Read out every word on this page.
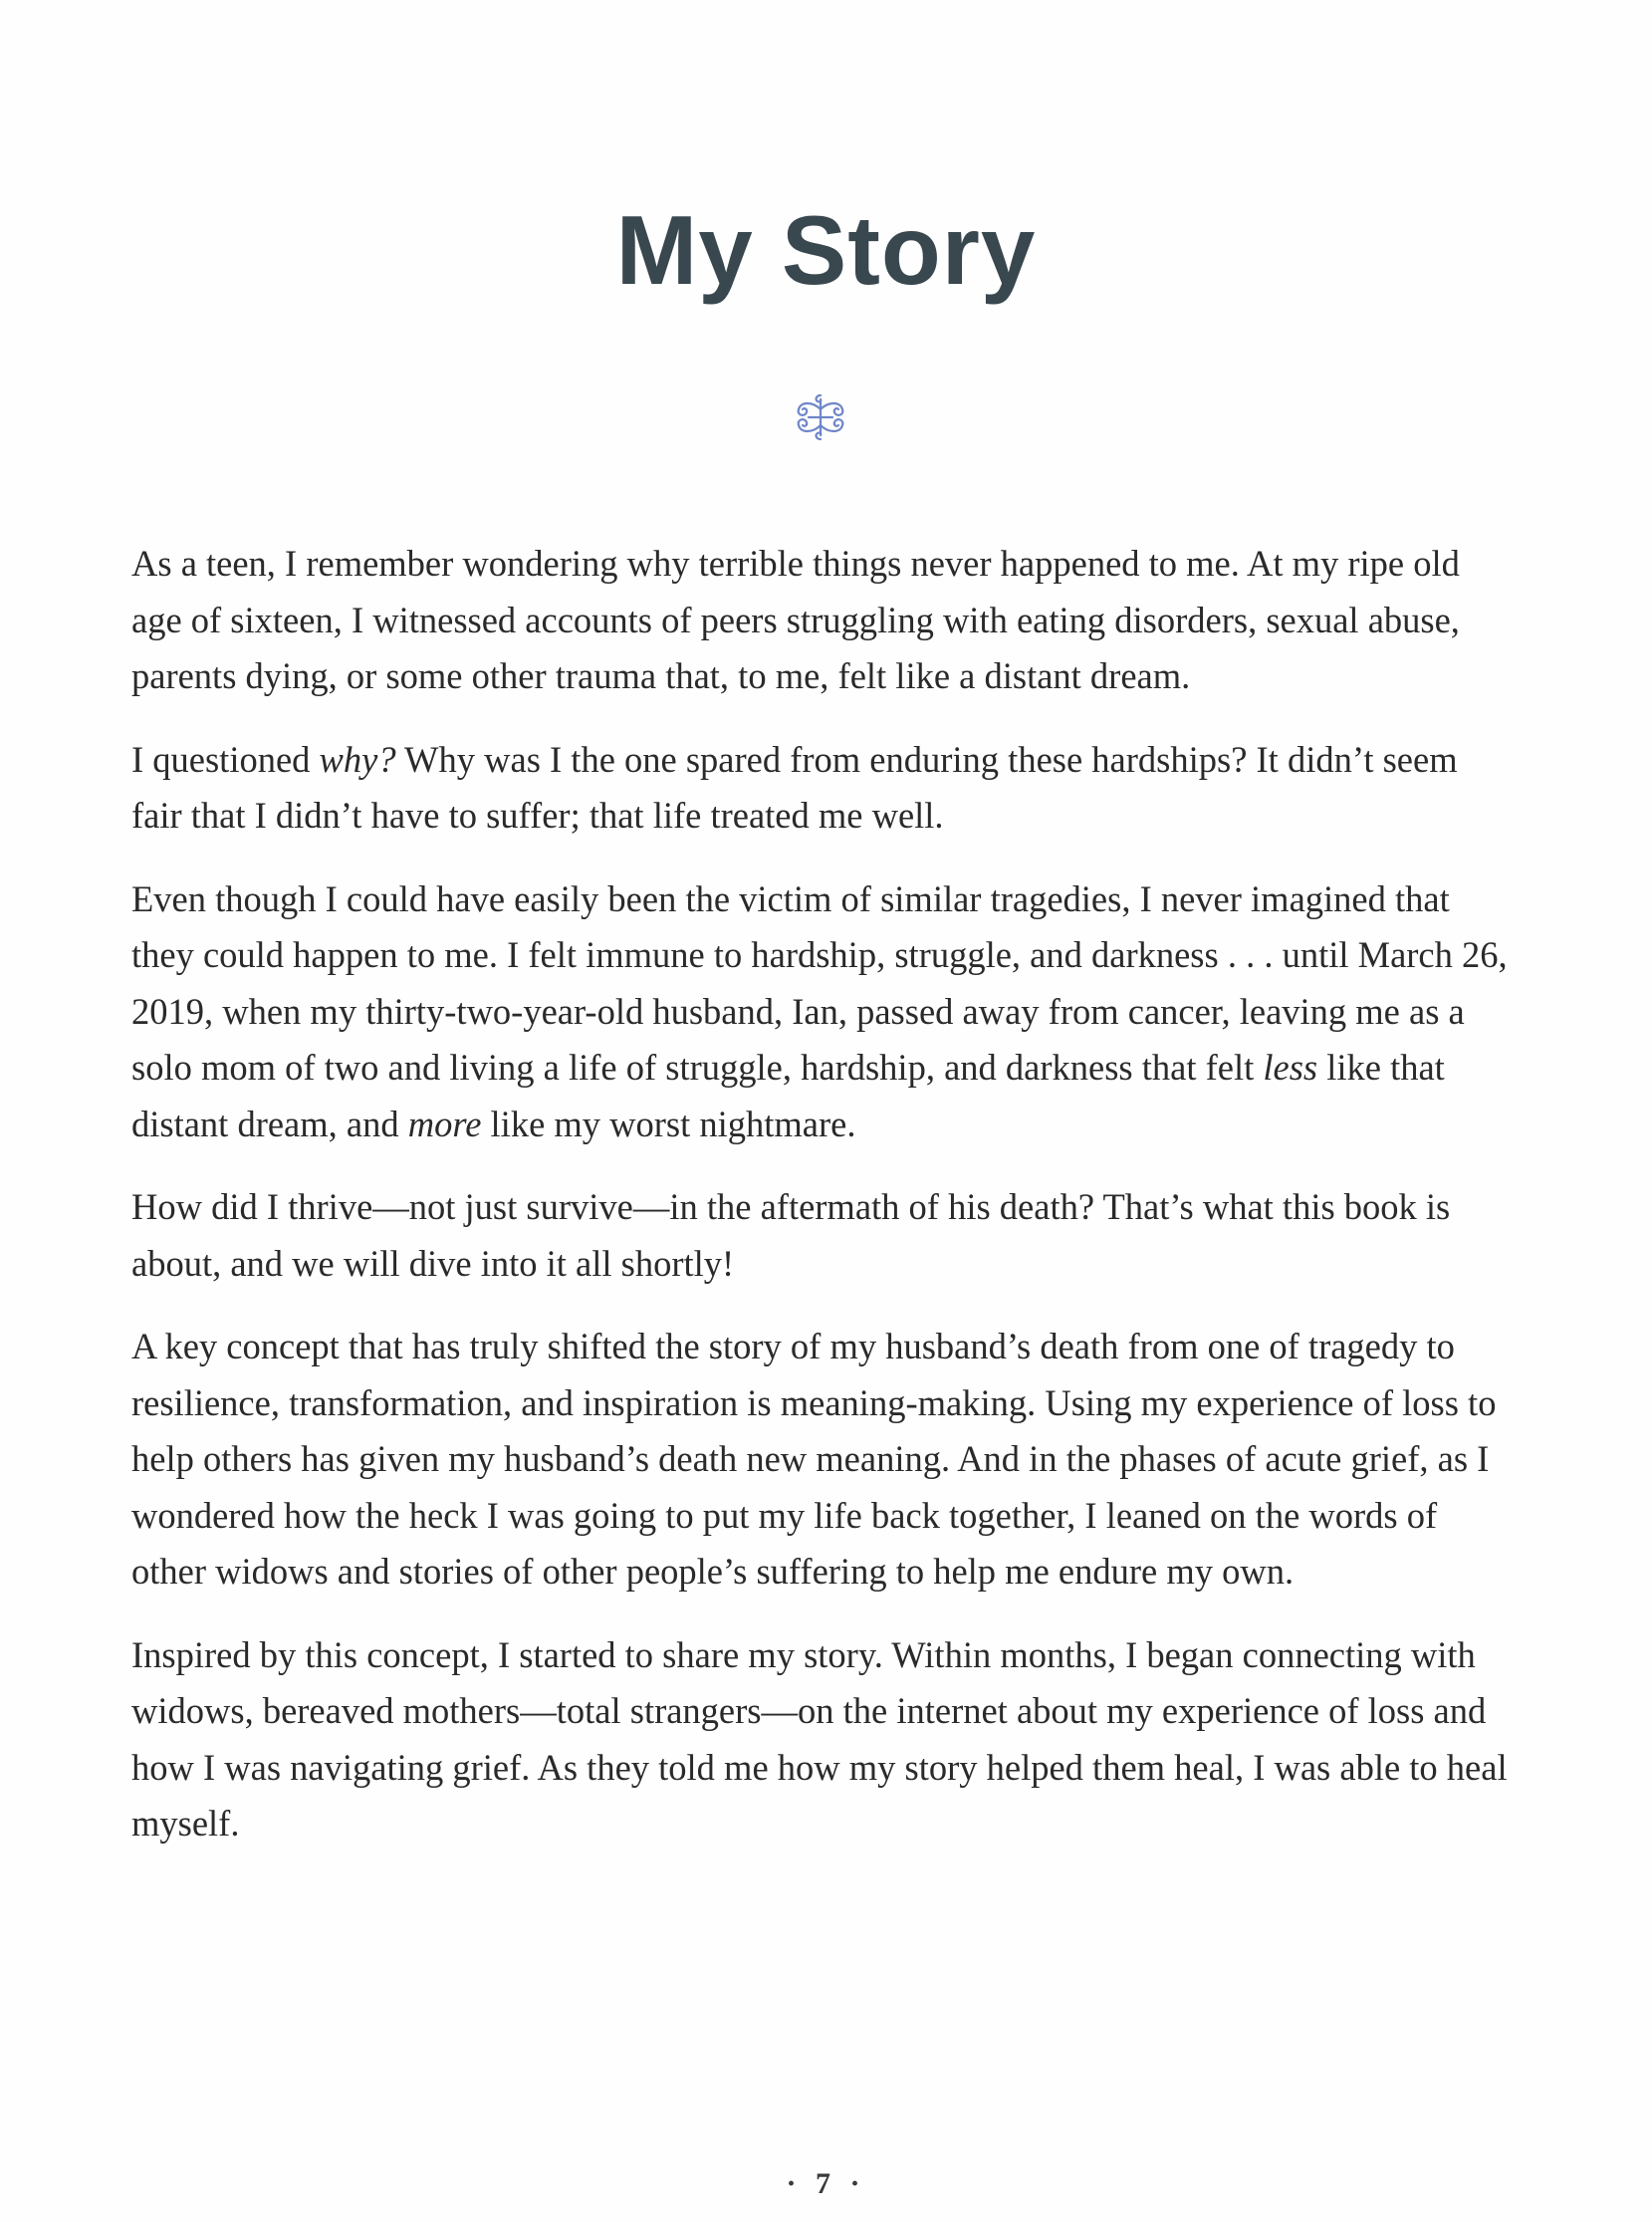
My Story

As a teen, I remember wondering why terrible things never happened to me. At my ripe old age of sixteen, I witnessed accounts of peers struggling with eating disorders, sexual abuse, parents dying, or some other trauma that, to me, felt like a distant dream.

I questioned why? Why was I the one spared from enduring these hardships? It didn’t seem fair that I didn’t have to suffer; that life treated me well.

Even though I could have easily been the victim of similar tragedies, I never imagined that they could happen to me. I felt immune to hardship, struggle, and darkness . . . until March 26, 2019, when my thirty-two-year-old husband, Ian, passed away from cancer, leaving me as a solo mom of two and living a life of struggle, hardship, and darkness that felt less like that distant dream, and more like my worst nightmare.

How did I thrive—not just survive—in the aftermath of his death? That’s what this book is about, and we will dive into it all shortly!

A key concept that has truly shifted the story of my husband’s death from one of tragedy to resilience, transformation, and inspiration is meaning-making. Using my experience of loss to help others has given my husband’s death new meaning. And in the phases of acute grief, as I wondered how the heck I was going to put my life back together, I leaned on the words of other widows and stories of other people’s suffering to help me endure my own.

Inspired by this concept, I started to share my story. Within months, I began connecting with widows, bereaved mothers—total strangers—on the internet about my experience of loss and how I was navigating grief. As they told me how my story helped them heal, I was able to heal myself.

· 7 ·
